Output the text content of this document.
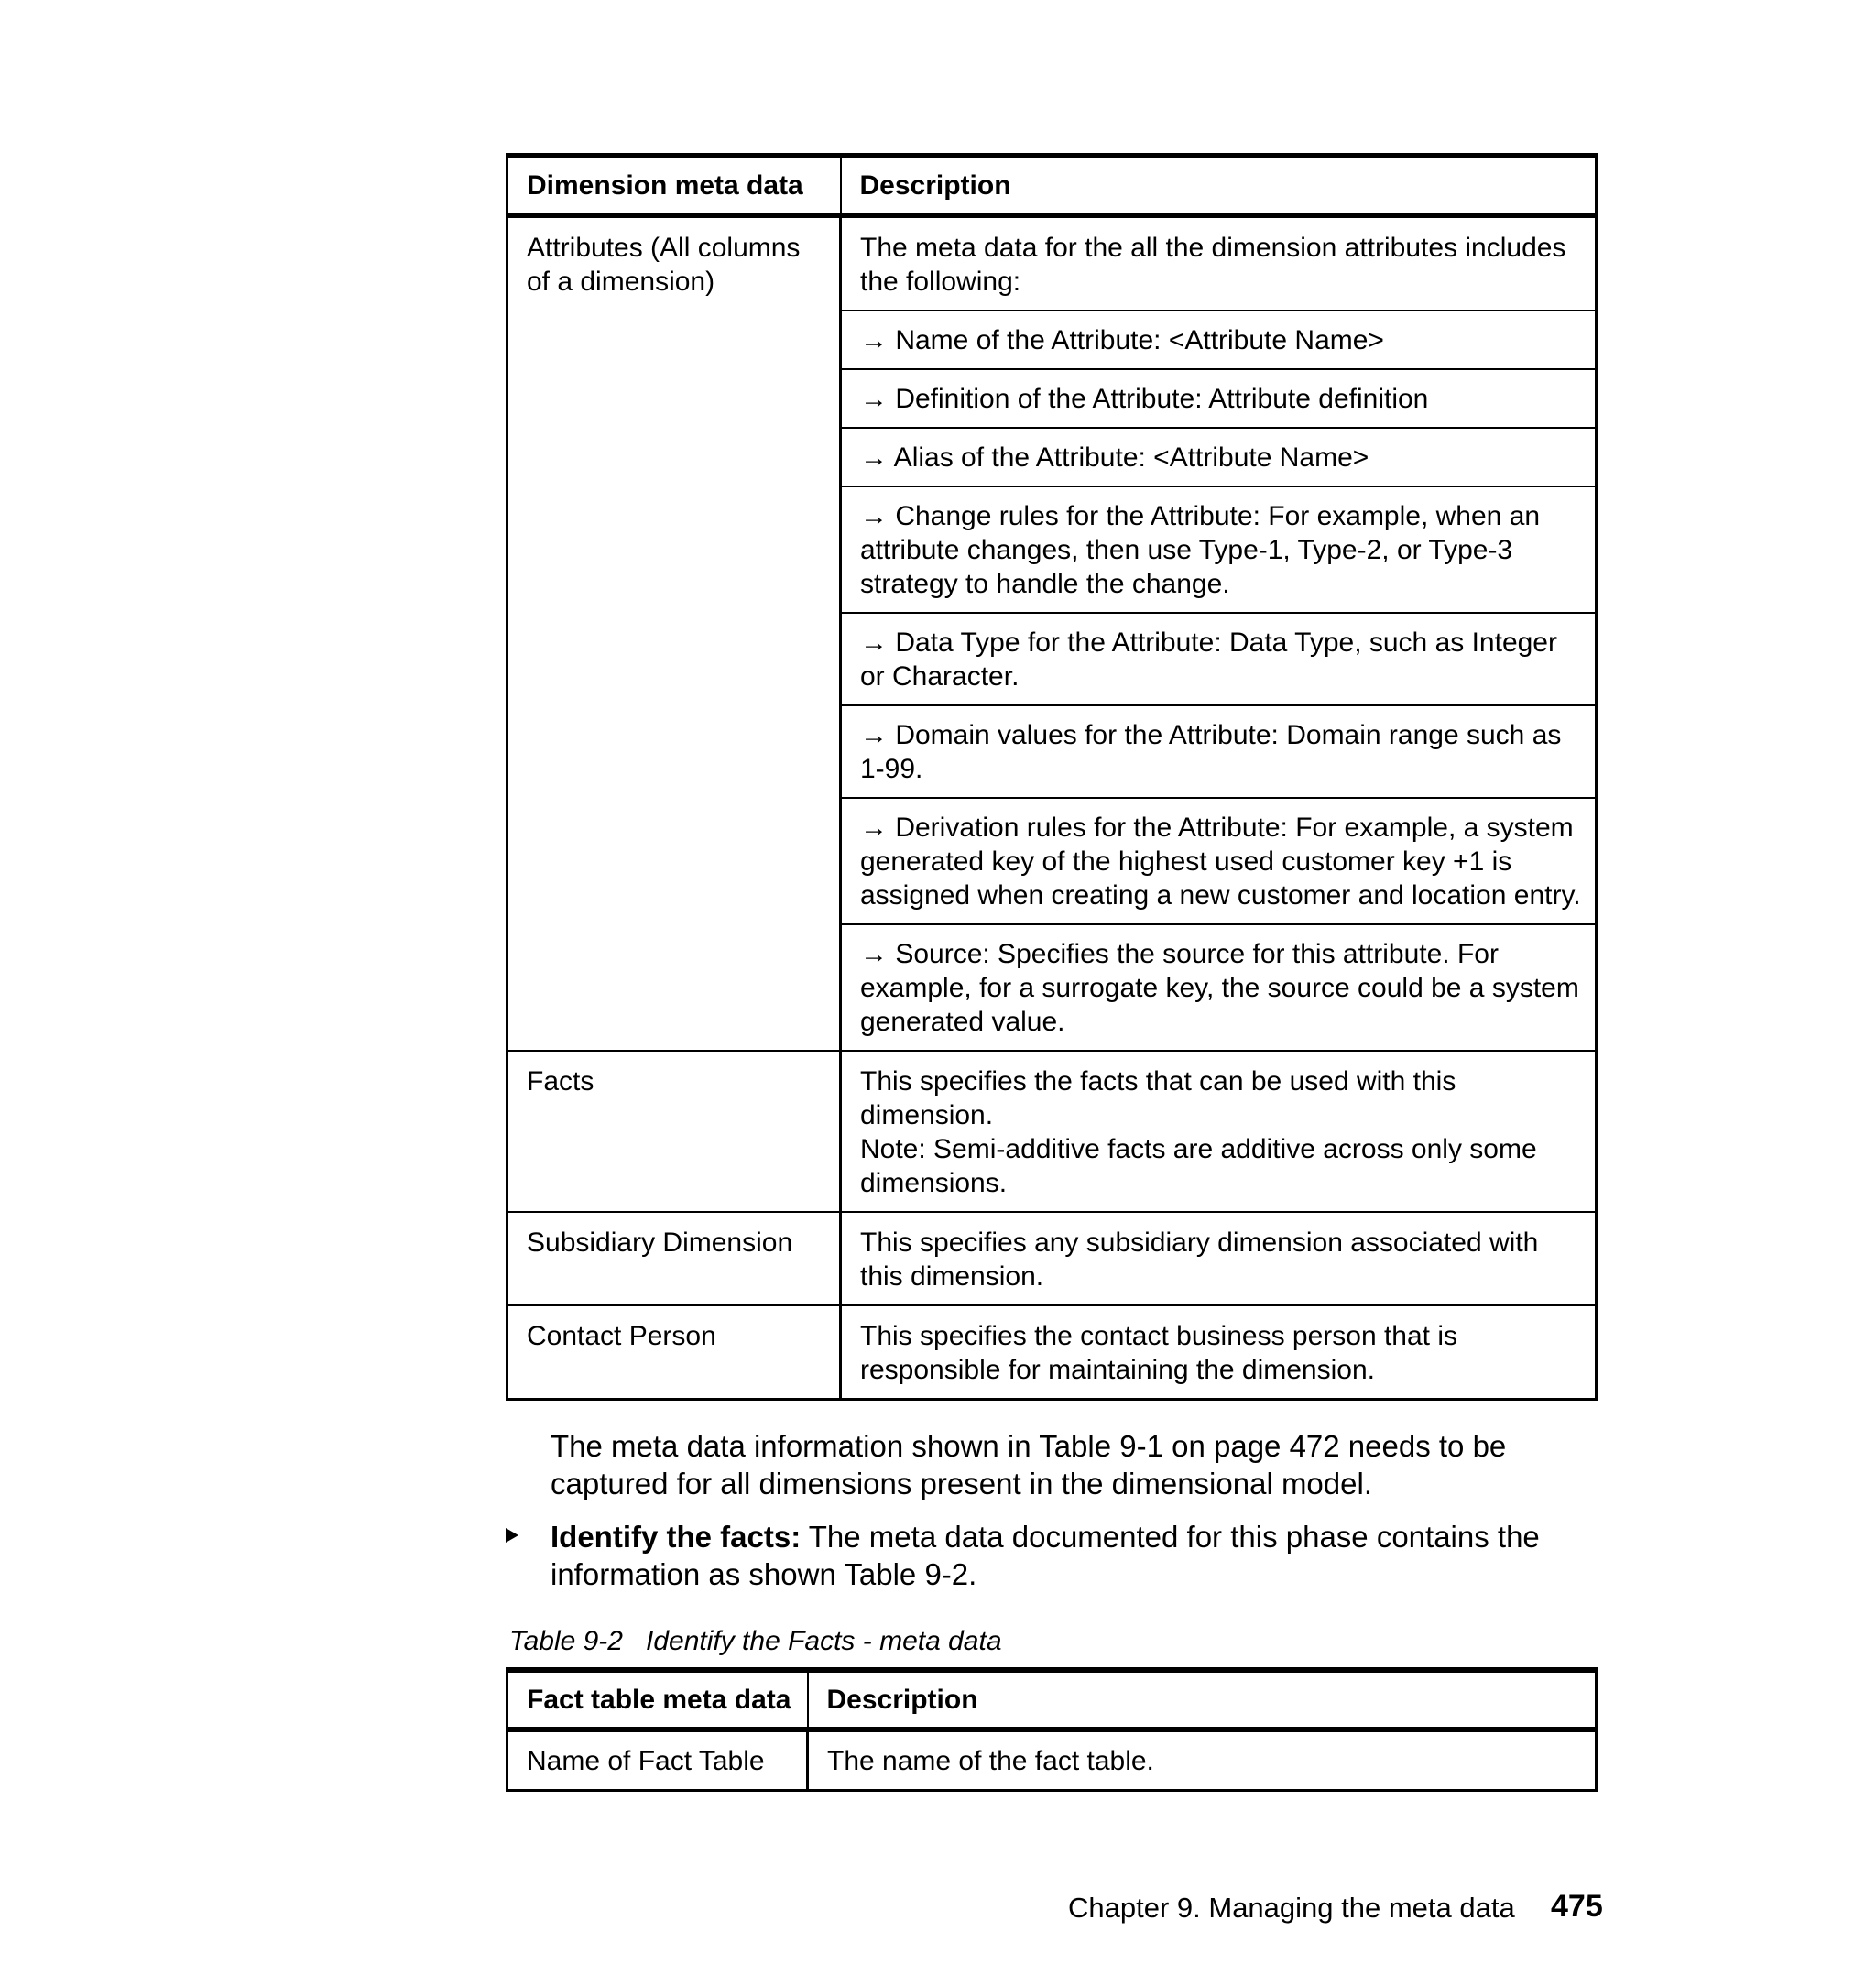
Dimension meta data	Description
Attributes (All columns of a dimension)	The meta data for the all the dimension attributes includes the following:
	→ Name of the Attribute: <Attribute Name>
	→ Definition of the Attribute: Attribute definition
	→ Alias of the Attribute: <Attribute Name>
	→ Change rules for the Attribute: For example, when an attribute changes, then use Type-1, Type-2, or Type-3 strategy to handle the change.
	→ Data Type for the Attribute: Data Type, such as Integer or Character.
	→ Domain values for the Attribute: Domain range such as 1-99.
	→ Derivation rules for the Attribute: For example, a system generated key of the highest used customer key +1 is assigned when creating a new customer and location entry.
	→ Source: Specifies the source for this attribute. For example, for a surrogate key, the source could be a system generated value.
Facts	This specifies the facts that can be used with this dimension.
Note: Semi-additive facts are additive across only some dimensions.

Subsidiary Dimension	This specifies any subsidiary dimension associated with this dimension.
Contact Person	This specifies the contact business person that is responsible for maintaining the dimension.
The meta data information shown in Table 9-1 on page 472 needs to be captured for all dimensions present in the dimensional model.
Identify the facts: The meta data documented for this phase contains the information as shown Table 9-2.
Table 9-2   Identify the Facts - meta data
Fact table meta data	Description
Name of Fact Table	The name of the fact table.
Chapter 9. Managing the meta data 475
